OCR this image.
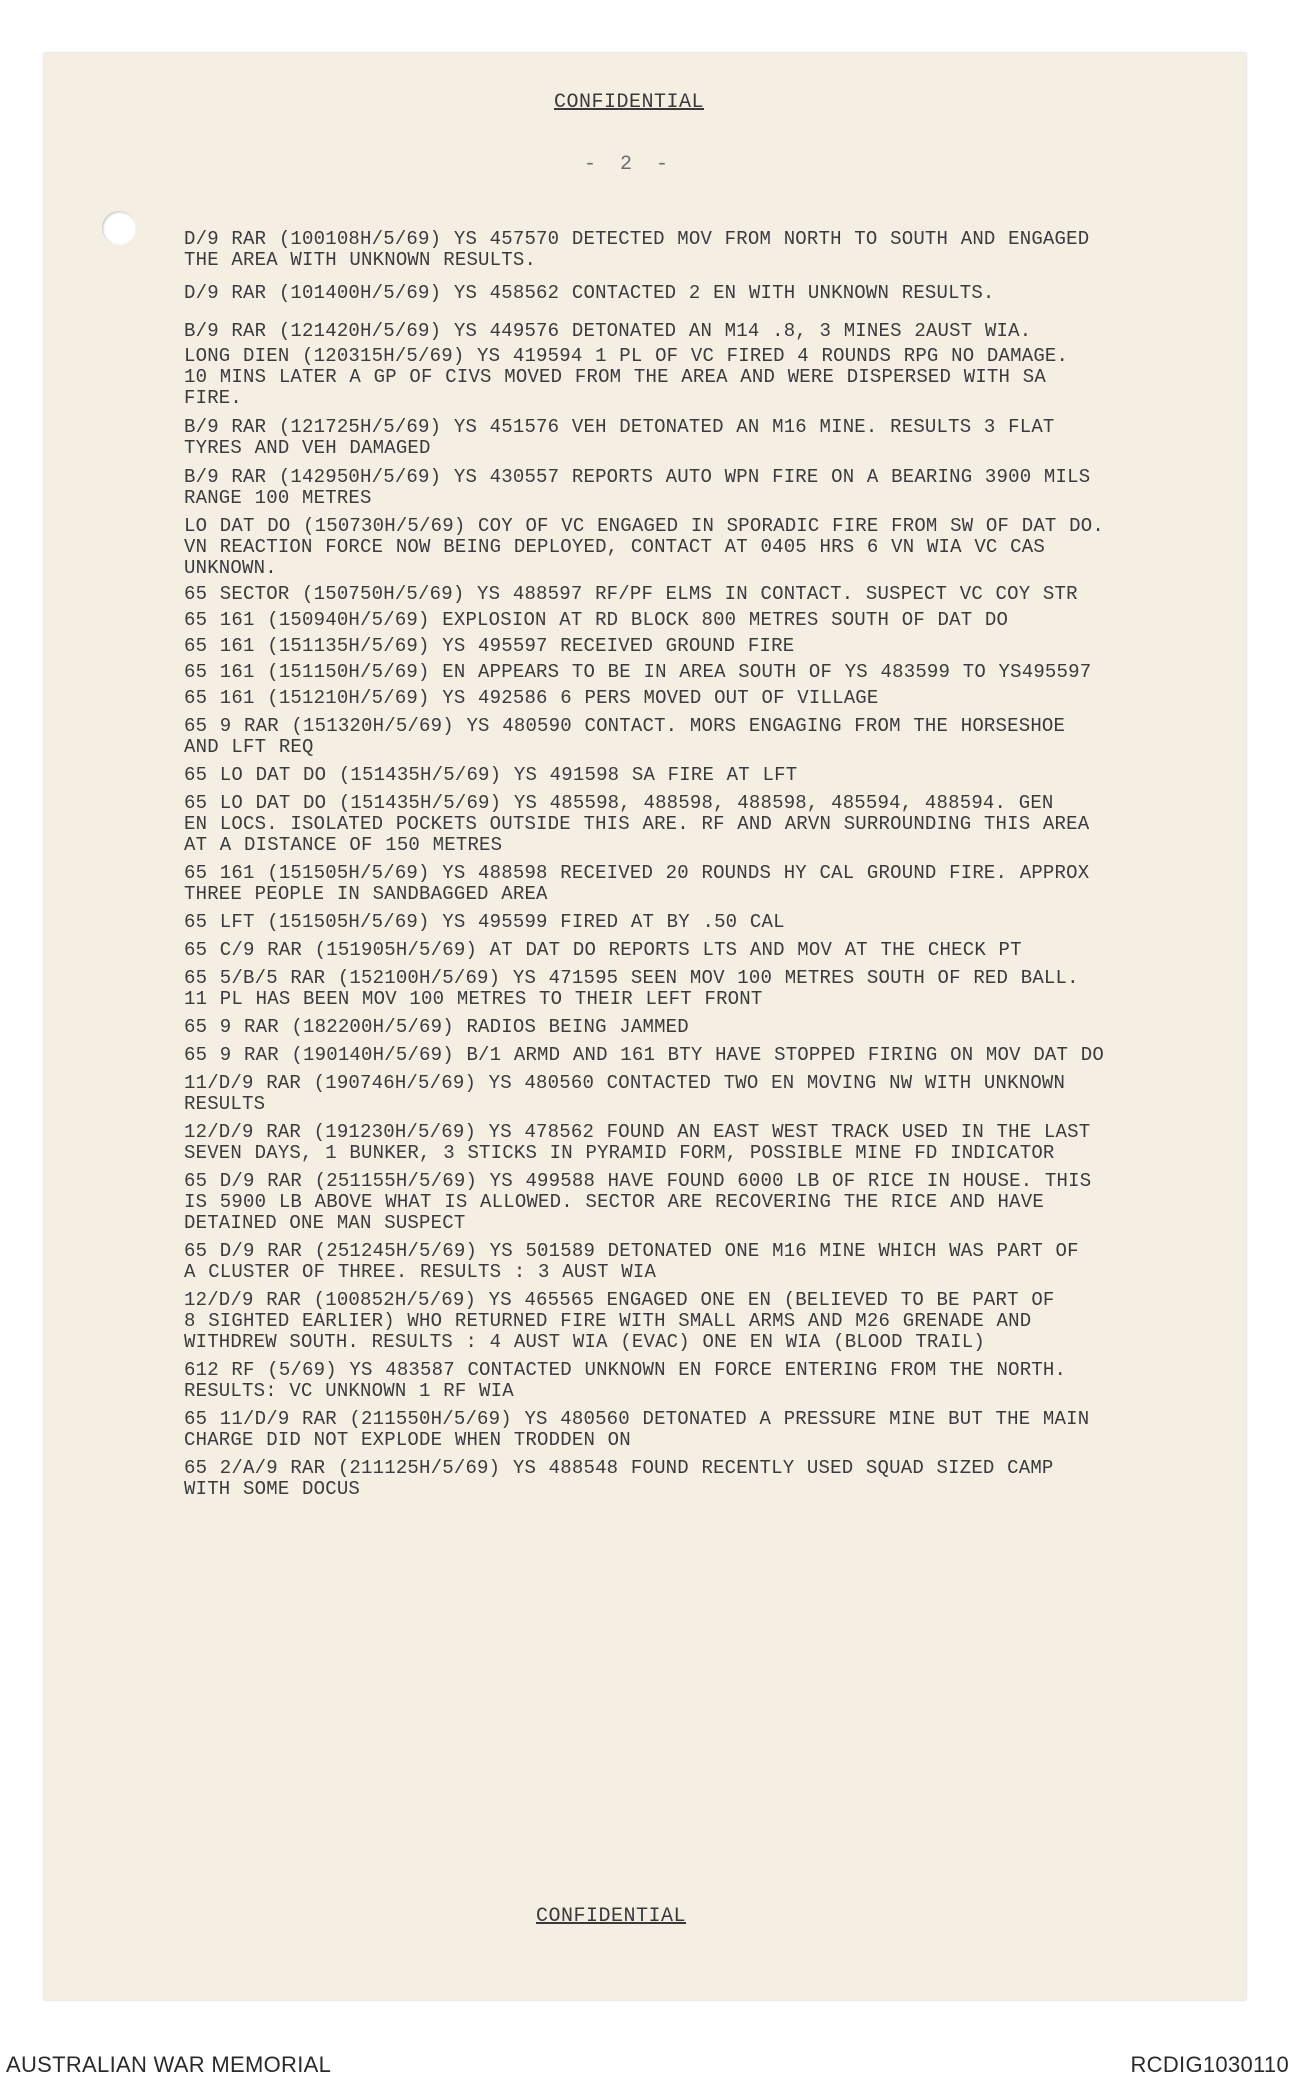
CONFIDENTIAL
- 2 -
D/9 RAR (100108H/5/69) YS 457570 DETECTED MOV FROM NORTH TO SOUTH AND ENGAGED
THE AREA WITH UNKNOWN RESULTS.
D/9 RAR (101400H/5/69) YS 458562 CONTACTED 2 EN WITH UNKNOWN RESULTS.
B/9 RAR (121420H/5/69) YS 449576 DETONATED AN M14 .8, 3 MINES 2AUST WIA.
LONG DIEN (120315H/5/69) YS 419594 1 PL OF VC FIRED 4 ROUNDS RPG NO DAMAGE.
10 MINS LATER A GP OF CIVS MOVED FROM THE AREA AND WERE DISPERSED WITH SA
FIRE.
B/9 RAR (121725H/5/69) YS 451576 VEH DETONATED AN M16 MINE. RESULTS 3 FLAT
TYRES AND VEH DAMAGED
B/9 RAR (142950H/5/69) YS 430557 REPORTS AUTO WPN FIRE ON A BEARING 3900 MILS
RANGE 100 METRES
LO DAT DO (150730H/5/69) COY OF VC ENGAGED IN SPORADIC FIRE FROM SW OF DAT DO.
VN REACTION FORCE NOW BEING DEPLOYED, CONTACT AT 0405 HRS 6 VN WIA VC CAS
UNKNOWN.
65 SECTOR (150750H/5/69) YS 488597 RF/PF ELMS IN CONTACT. SUSPECT VC COY STR
65 161 (150940H/5/69) EXPLOSION AT RD BLOCK 800 METRES SOUTH OF DAT DO
65 161 (151135H/5/69) YS 495597 RECEIVED GROUND FIRE
65 161 (151150H/5/69) EN APPEARS TO BE IN AREA SOUTH OF YS 483599 TO YS495597
65 161 (151210H/5/69) YS 492586 6 PERS MOVED OUT OF VILLAGE
65 9 RAR (151320H/5/69) YS 480590 CONTACT. MORS ENGAGING FROM THE HORSESHOE
AND LFT REQ
65 LO DAT DO (151435H/5/69) YS 491598 SA FIRE AT LFT
65 LO DAT DO (151435H/5/69) YS 485598, 488598, 488598, 485594, 488594. GEN
EN LOCS. ISOLATED POCKETS OUTSIDE THIS ARE. RF AND ARVN SURROUNDING THIS AREA
AT A DISTANCE OF 150 METRES
65 161 (151505H/5/69) YS 488598 RECEIVED 20 ROUNDS HY CAL GROUND FIRE. APPROX
THREE PEOPLE IN SANDBAGGED AREA
65 LFT (151505H/5/69) YS 495599 FIRED AT BY .50 CAL
65 C/9 RAR (151905H/5/69) AT DAT DO REPORTS LTS AND MOV AT THE CHECK PT
65 5/B/5 RAR (152100H/5/69) YS 471595 SEEN MOV 100 METRES SOUTH OF RED BALL.
11 PL HAS BEEN MOV 100 METRES TO THEIR LEFT FRONT
65 9 RAR (182200H/5/69) RADIOS BEING JAMMED
65 9 RAR (190140H/5/69) B/1 ARMD AND 161 BTY HAVE STOPPED FIRING ON MOV DAT DO
11/D/9 RAR (190746H/5/69) YS 480560 CONTACTED TWO EN MOVING NW WITH UNKNOWN
RESULTS
12/D/9 RAR (191230H/5/69) YS 478562 FOUND AN EAST WEST TRACK USED IN THE LAST
SEVEN DAYS, 1 BUNKER, 3 STICKS IN PYRAMID FORM, POSSIBLE MINE FD INDICATOR
65 D/9 RAR (251155H/5/69) YS 499588 HAVE FOUND 6000 LB OF RICE IN HOUSE. THIS
IS 5900 LB ABOVE WHAT IS ALLOWED. SECTOR ARE RECOVERING THE RICE AND HAVE
DETAINED ONE MAN SUSPECT
65 D/9 RAR (251245H/5/69) YS 501589 DETONATED ONE M16 MINE WHICH WAS PART OF
A CLUSTER OF THREE. RESULTS : 3 AUST WIA
12/D/9 RAR (100852H/5/69) YS 465565 ENGAGED ONE EN (BELIEVED TO BE PART OF
8 SIGHTED EARLIER) WHO RETURNED FIRE WITH SMALL ARMS AND M26 GRENADE AND
WITHDREW SOUTH. RESULTS : 4 AUST WIA (EVAC) ONE EN WIA (BLOOD TRAIL)
612 RF (5/69) YS 483587 CONTACTED UNKNOWN EN FORCE ENTERING FROM THE NORTH.
RESULTS: VC UNKNOWN 1 RF WIA
65 11/D/9 RAR (211550H/5/69) YS 480560 DETONATED A PRESSURE MINE BUT THE MAIN
CHARGE DID NOT EXPLODE WHEN TRODDEN ON
65 2/A/9 RAR (211125H/5/69) YS 488548 FOUND RECENTLY USED SQUAD SIZED CAMP
WITH SOME DOCUS
CONFIDENTIAL
AUSTRALIAN WAR MEMORIAL	RCDIG1030110
